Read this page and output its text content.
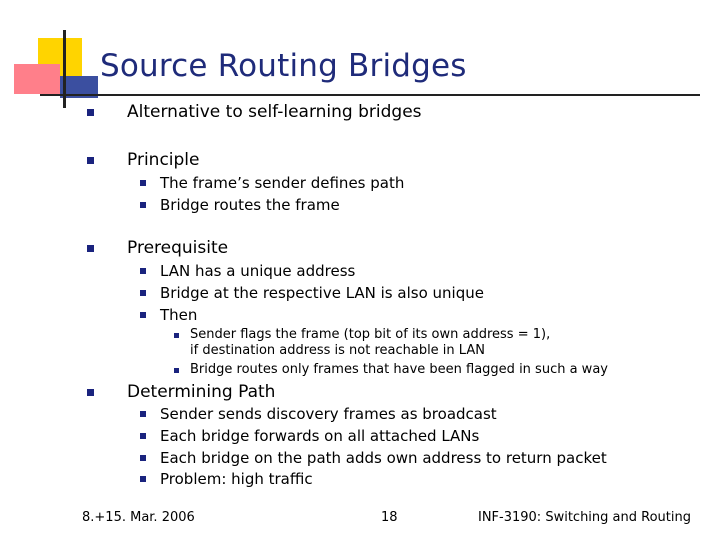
Source Routing Bridges
Alternative to self-learning bridges
Principle
The frame’s sender defines path
Bridge routes the frame
Prerequisite
LAN has a unique address
Bridge at the respective LAN is also unique
Then
Sender flags the frame (top bit of its own address = 1),
if destination address is not reachable in LAN
Bridge routes only frames that have been flagged in such a way
Determining Path
Sender sends discovery frames as broadcast
Each bridge forwards on all attached LANs
Each bridge on the path adds own address to return packet
Problem: high traffic
8.+15. Mar. 2006	18	INF-3190: Switching and Routing
